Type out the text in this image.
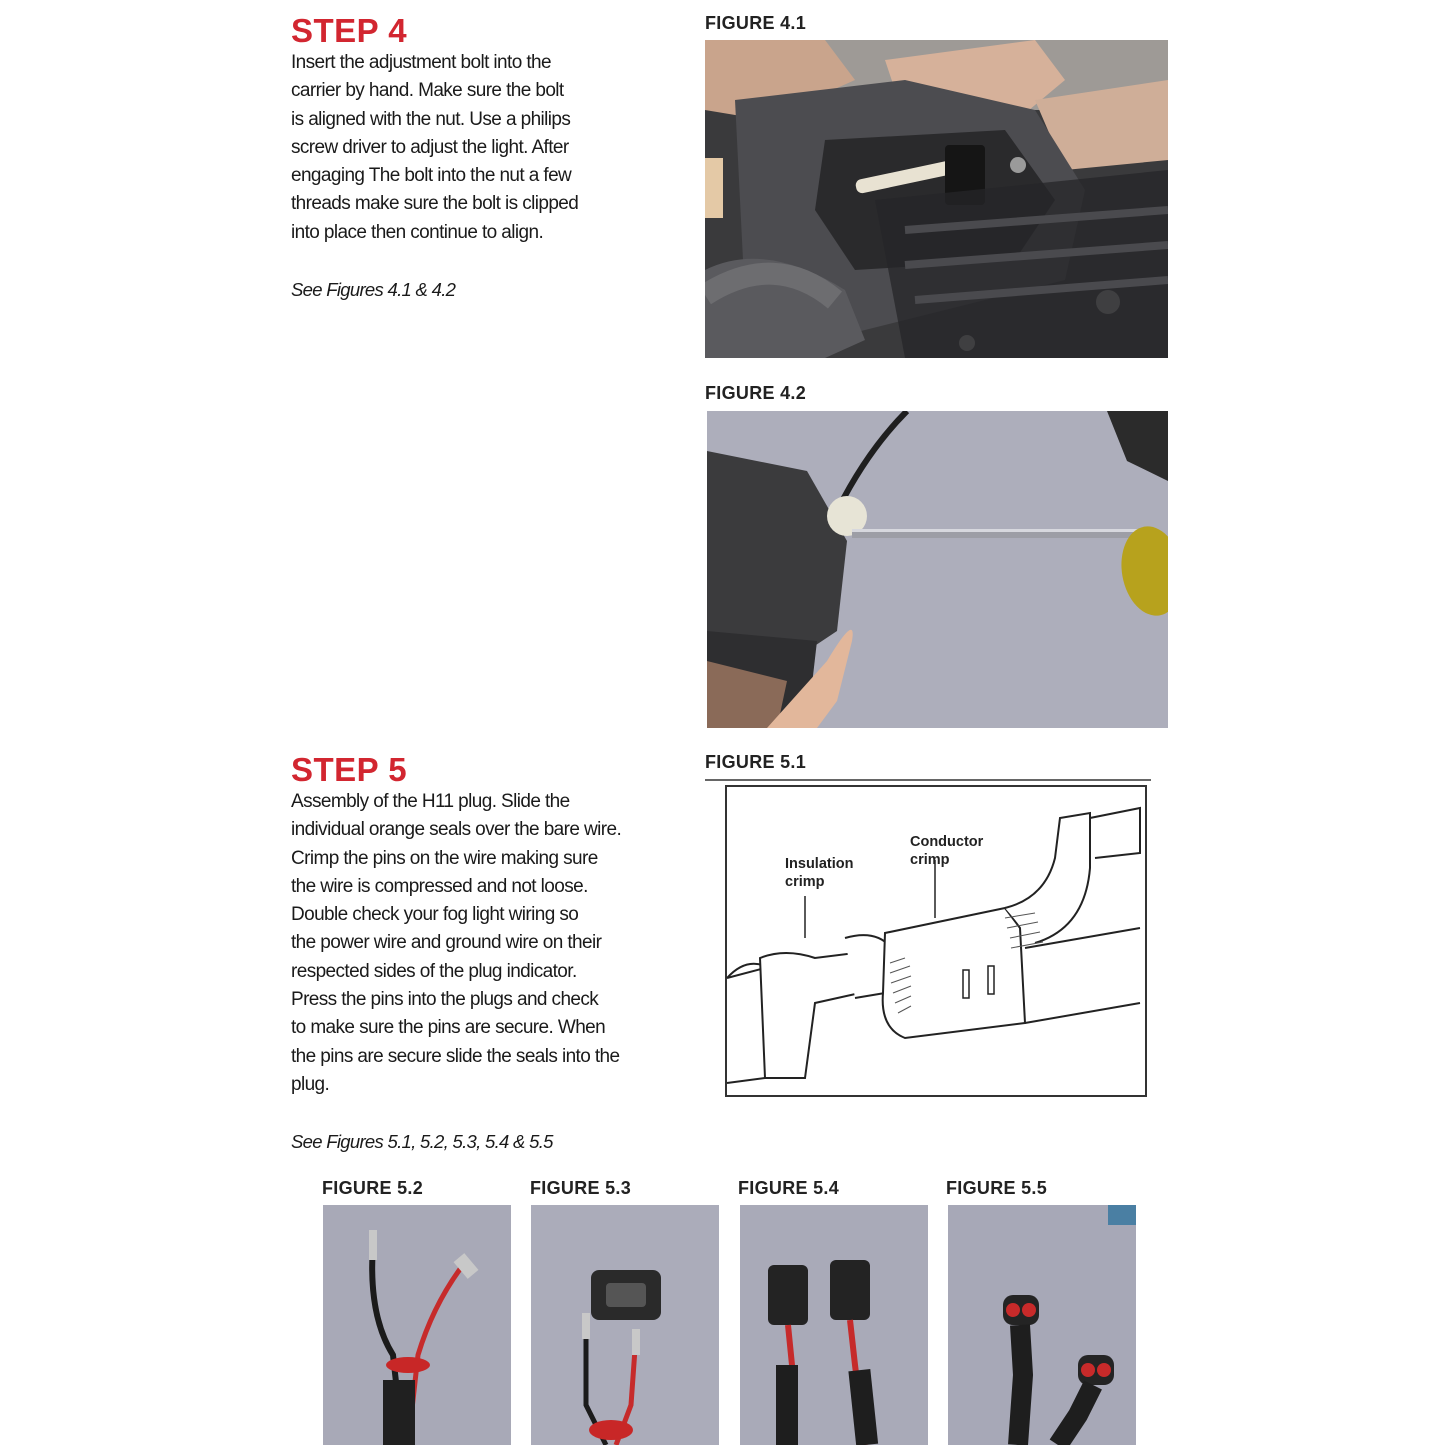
STEP 4
Insert the adjustment bolt into the
carrier by hand. Make sure the bolt
is aligned with the nut. Use a philips
screw driver to adjust the light. After
engaging The bolt into the nut a few
threads make sure the bolt is clipped
into place then continue to align.
See Figures 4.1 & 4.2
FIGURE 4.1
FIGURE 4.2
STEP 5
Assembly of the H11 plug. Slide the
individual orange seals over the bare wire.
Crimp the pins on the wire making sure
the wire is compressed and not loose.
Double check your fog light wiring so
the power wire and ground wire on their
respected sides of the plug indicator.
Press the pins into the plugs and check
to make sure the pins are secure. When
the pins are secure slide the seals into the
plug.
See Figures 5.1, 5.2, 5.3, 5.4 & 5.5
FIGURE 5.1
Insulation
crimp
Conductor
crimp
FIGURE 5.2	FIGURE 5.3	FIGURE 5.4	FIGURE 5.5
